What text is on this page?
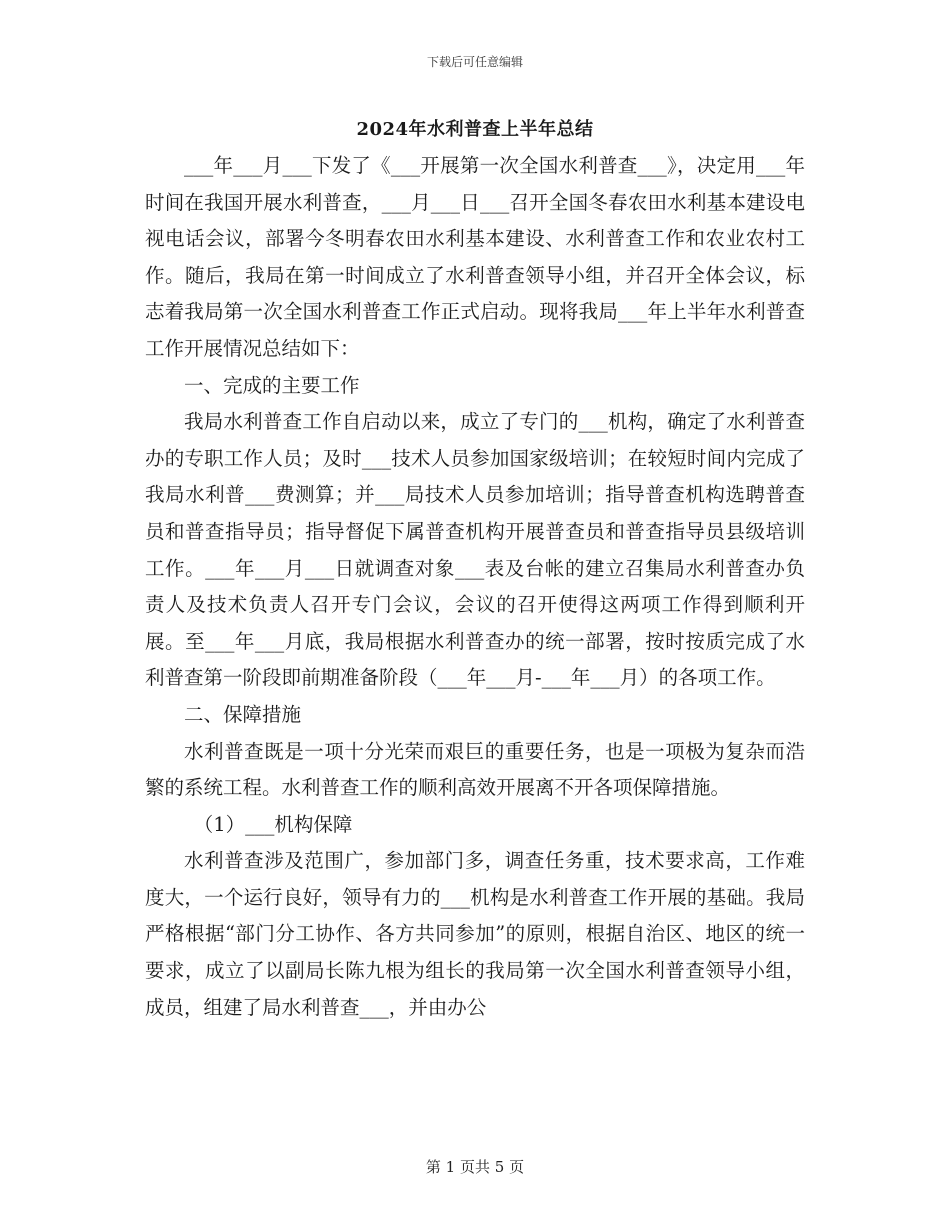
下载后可任意编辑
2024年水利普查上半年总结

___年___月___下发了《___开展第一次全国水利普查___》，决定用___年时间在我国开展水利普查，___月___日___召开全国冬春农田水利基本建设电视电话会议，部署今冬明春农田水利基本建设、水利普查工作和农业农村工作。随后，我局在第一时间成立了水利普查领导小组，并召开全体会议，标志着我局第一次全国水利普查工作正式启动。现将我局___年上半年水利普查工作开展情况总结如下：

一、完成的主要工作

我局水利普查工作自启动以来，成立了专门的___机构，确定了水利普查办的专职工作人员；及时___技术人员参加国家级培训；在较短时间内完成了我局水利普___费测算；并___局技术人员参加培训；指导普查机构选聘普查员和普查指导员；指导督促下属普查机构开展普查员和普查指导员县级培训工作。___年___月___日就调查对象___表及台帐的建立召集局水利普查办负责人及技术负责人召开专门会议，会议的召开使得这两项工作得到顺利开展。至___年___月底，我局根据水利普查办的统一部署，按时按质完成了水利普查第一阶段即前期准备阶段（___年___月-___年___月）的各项工作。

二、保障措施

水利普查既是一项十分光荣而艰巨的重要任务，也是一项极为复杂而浩繁的系统工程。水利普查工作的顺利高效开展离不开各项保障措施。

（1）___机构保障

水利普查涉及范围广，参加部门多，调查任务重，技术要求高，工作难度大，一个运行良好，领导有力的___机构是水利普查工作开展的基础。我局严格根据“部门分工协作、各方共同参加”的原则，根据自治区、地区的统一要求，成立了以副局长陈九根为组长的我局第一次全国水利普查领导小组，成员，组建了局水利普查___，并由办公

第 1 页共 5 页
